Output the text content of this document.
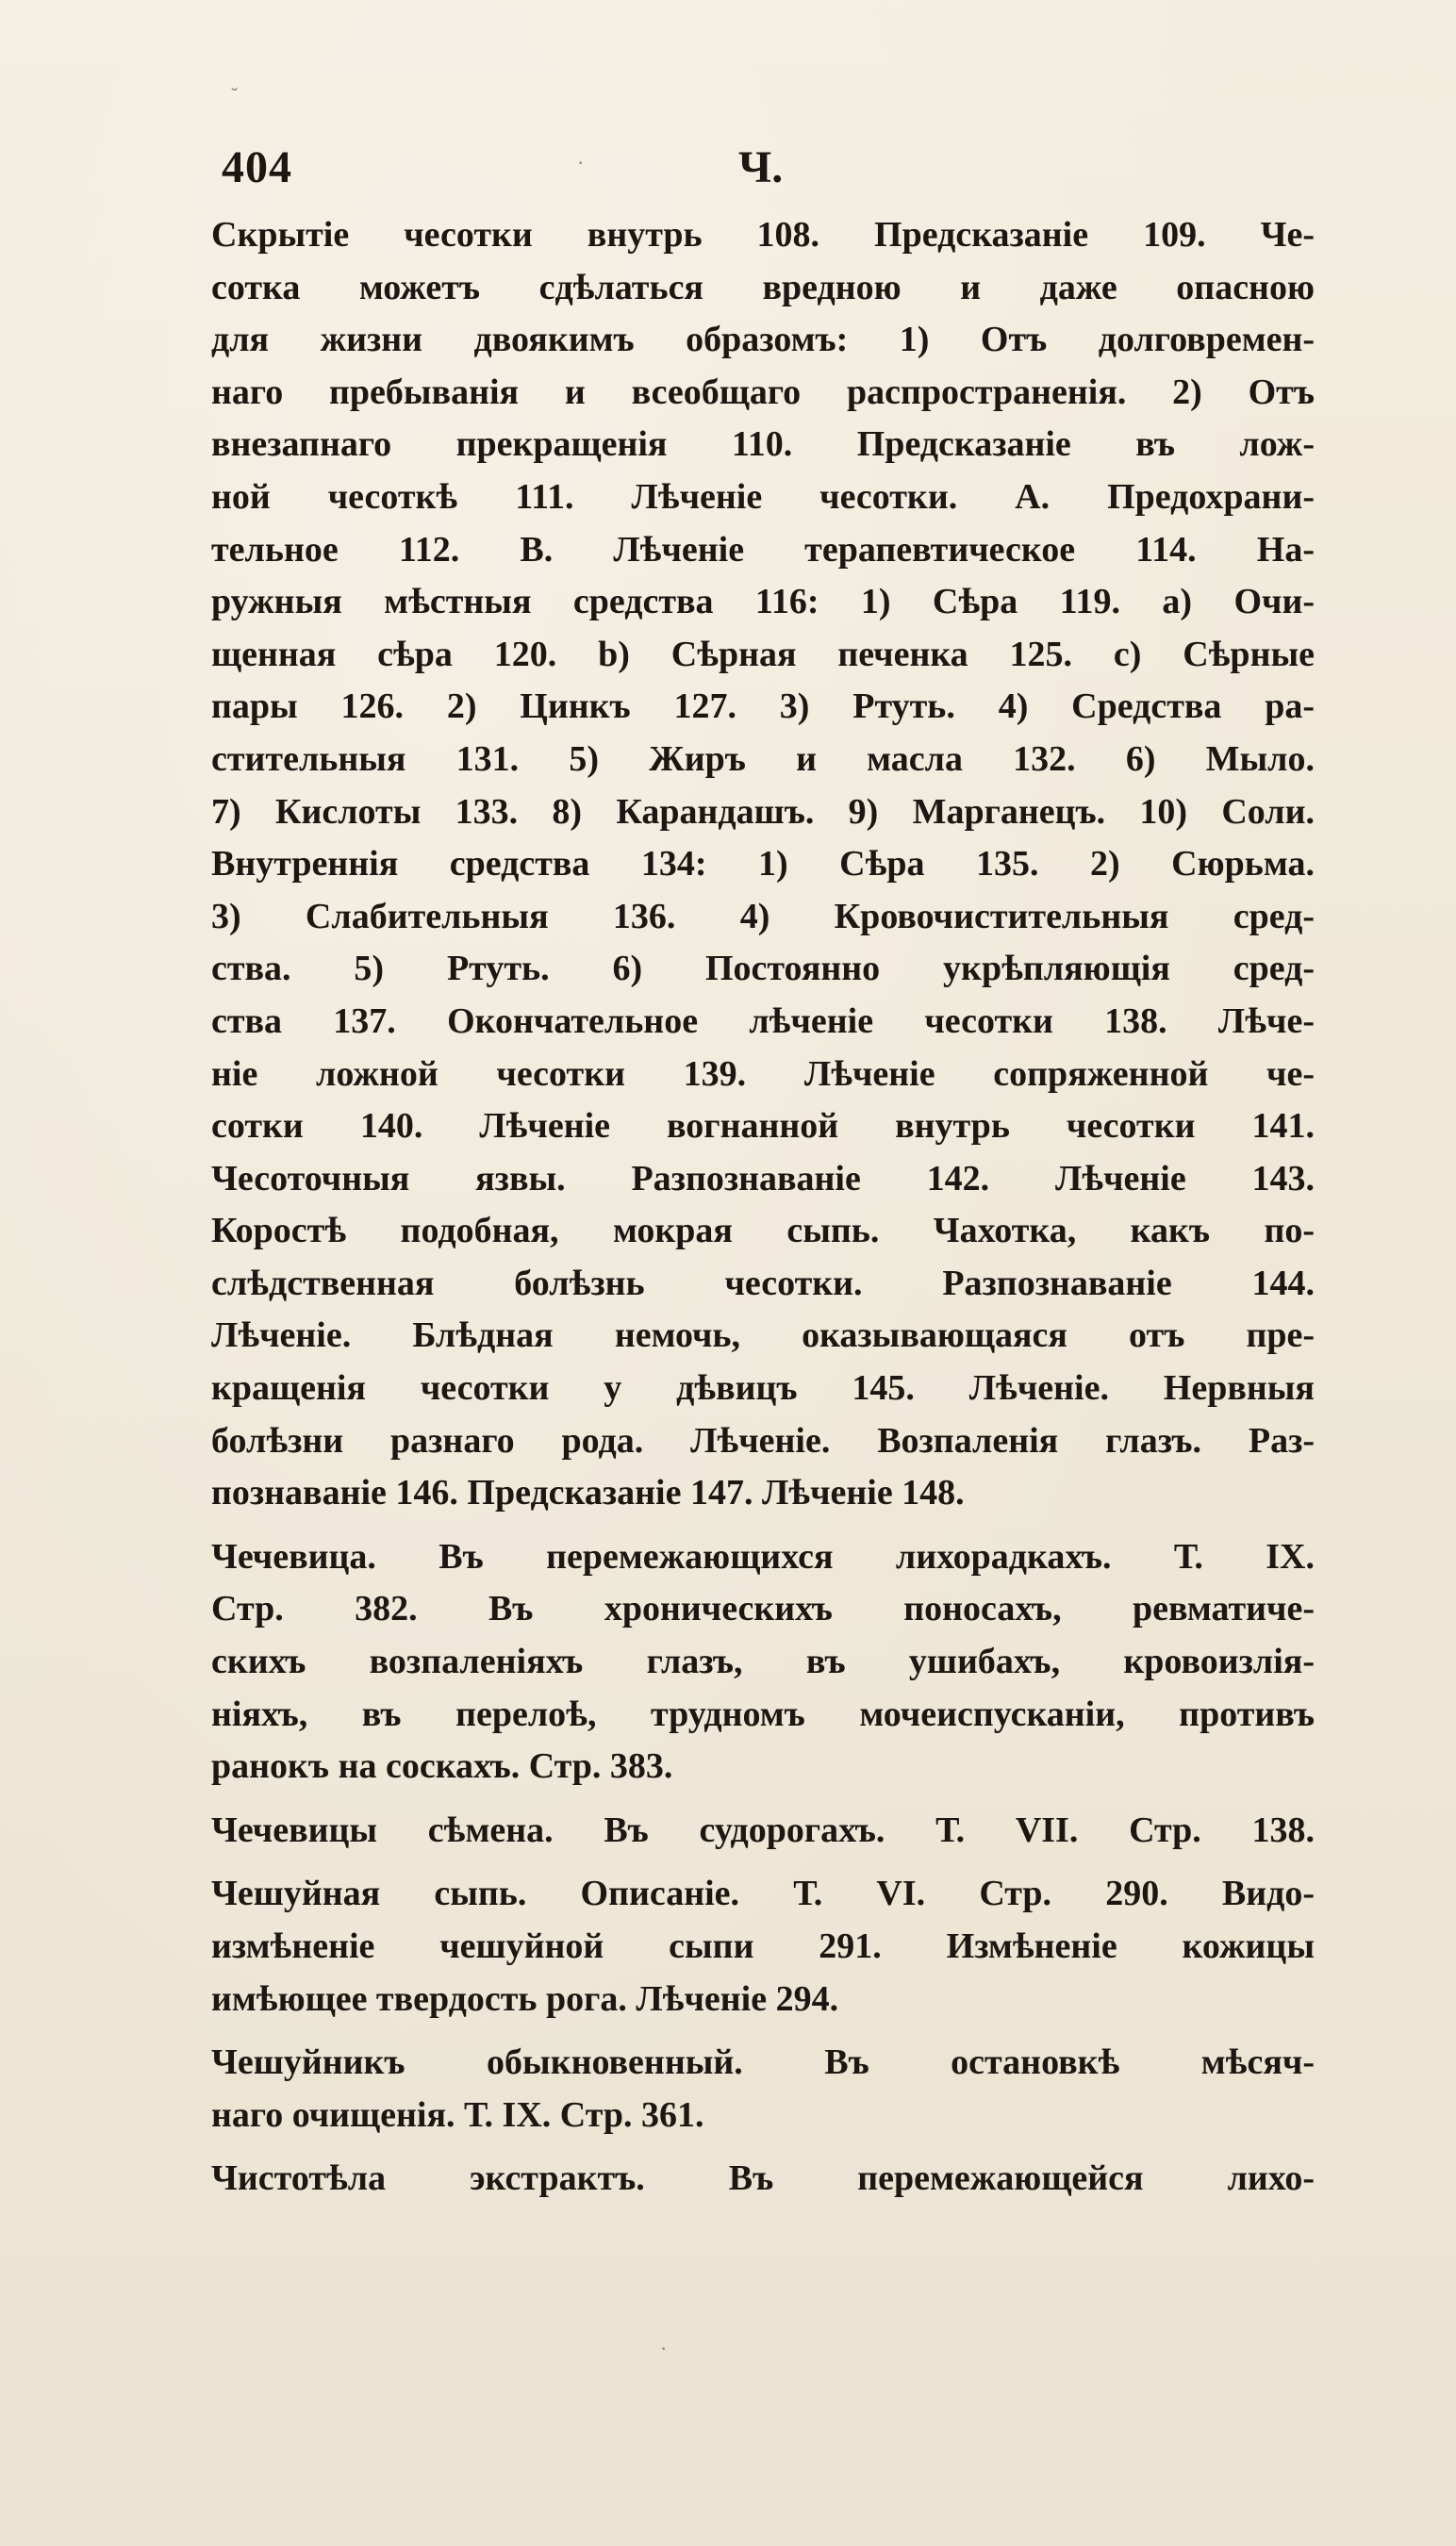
404	Ч.
Скрытіе чесотки внутрь 108. Предсказаніе 109. Че-
сотка можетъ сдѣлаться вредною и даже опасною
для жизни двоякимъ образомъ: 1) Отъ долговремен-
наго пребыванія и всеобщаго распространенія. 2) Отъ
внезапнаго прекращенія 110. Предсказаніе въ лож-
ной чесоткѣ 111. Лѣченіе чесотки. А. Предохрани-
тельное 112. В. Лѣченіе терапевтическое 114. На-
ружныя мѣстныя средства 116: 1) Сѣра 119. a) Очи-
щенная сѣра 120. b) Сѣрная печенка 125. c) Сѣрные
пары 126. 2) Цинкъ 127. 3) Ртуть. 4) Средства ра-
стительныя 131. 5) Жиръ и масла 132. 6) Мыло.
7) Кислоты 133. 8) Карандашъ. 9) Марганецъ. 10) Соли.
Внутреннія средства 134: 1) Сѣра 135. 2) Сюрьма.
3) Слабительныя 136. 4) Кровочистительныя сред-
ства. 5) Ртуть. 6) Постоянно укрѣпляющія сред-
ства 137. Окончательное лѣченіе чесотки 138. Лѣче-
ніе ложной чесотки 139. Лѣченіе сопряженной че-
сотки 140. Лѣченіе вогнанной внутрь чесотки 141.
Чесоточныя язвы. Разпознаваніе 142. Лѣченіе 143.
Коростѣ подобная, мокрая сыпь. Чахотка, какъ по-
слѣдственная болѣзнь чесотки. Разпознаваніе 144.
Лѣченіе. Блѣдная немочь, оказывающаяся отъ пре-
кращенія чесотки у дѣвицъ 145. Лѣченіе. Нервныя
болѣзни разнаго рода. Лѣченіе. Возпаленія глазъ. Раз-
познаваніе 146. Предсказаніе 147. Лѣченіе 148.
Чечевица. Въ перемежающихся лихорадкахъ. Т. IX.
Стр. 382. Въ хроническихъ поносахъ, ревматиче-
скихъ возпаленіяхъ глазъ, въ ушибахъ, кровоизлія-
ніяхъ, въ перелоѣ, трудномъ мочеиспусканіи, противъ
ранокъ на соскахъ. Стр. 383.
Чечевицы сѣмена. Въ судорогахъ. Т. VII. Стр. 138.
Чешуйная сыпь. Описаніе. Т. VI. Стр. 290. Видо-
измѣненіе чешуйной сыпи 291. Измѣненіе кожицы
имѣющее твердость рога. Лѣченіе 294.
Чешуйникъ обыкновенный. Въ остановкѣ мѣсяч-
наго очищенія. Т. IX. Стр. 361.
Чистотѣла экстрактъ. Въ перемежающейся лихо-
˘
·
·
